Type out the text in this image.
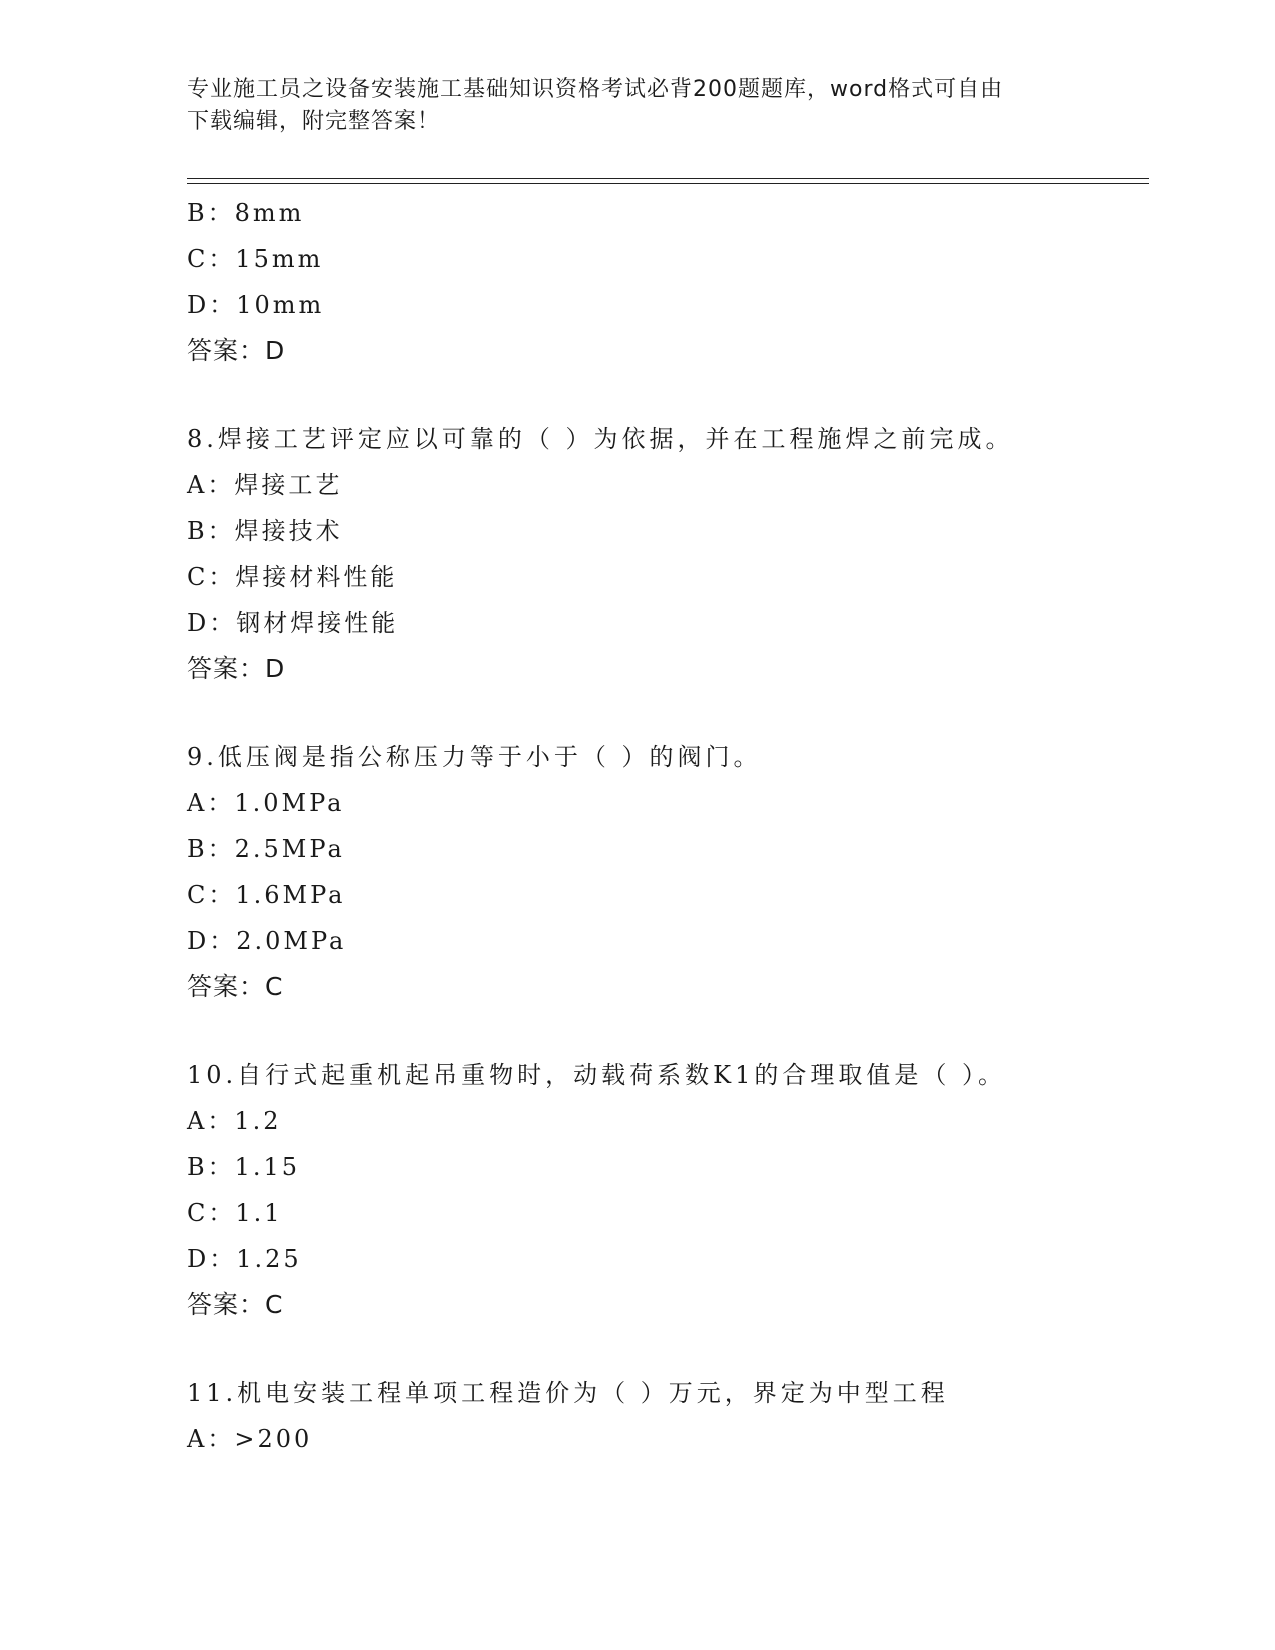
专业施工员之设备安装施工基础知识资格考试必背200题题库，word格式可自由
下载编辑，附完整答案！
B：8mm
C：15mm
D：10mm
答案：D
8.焊接工艺评定应以可靠的（ ）为依据，并在工程施焊之前完成。
A：焊接工艺
B：焊接技术
C：焊接材料性能
D：钢材焊接性能
答案：D
9.低压阀是指公称压力等于小于（ ）的阀门。
A：1.0MPa
B：2.5MPa
C：1.6MPa
D：2.0MPa
答案：C
10.自行式起重机起吊重物时，动载荷系数K1的合理取值是（ ）。
A：1.2
B：1.15
C：1.1
D：1.25
答案：C
11.机电安装工程单项工程造价为（ ）万元，界定为中型工程
A：>200
